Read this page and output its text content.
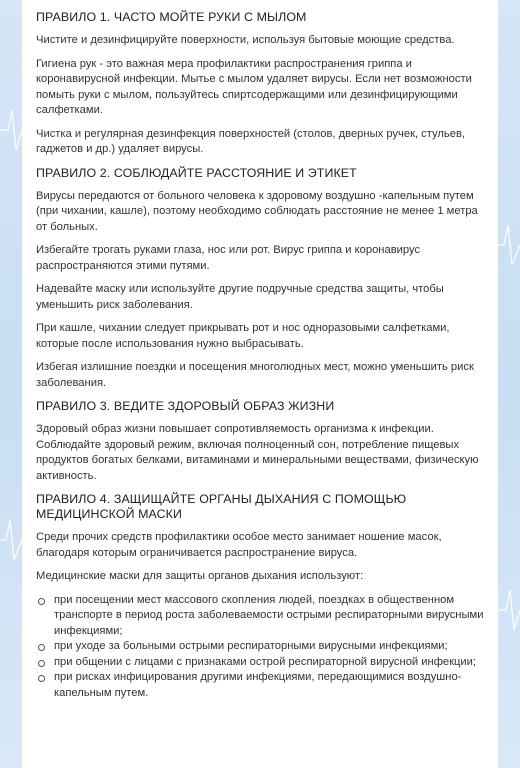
ПРАВИЛО 1. ЧАСТО МОЙТЕ РУКИ С МЫЛОМ

Чистите и дезинфицируйте поверхности, используя бытовые моющие средства.

Гигиена рук - это важная мера профилактики распространения гриппа и коронавирусной инфекции. Мытье с мылом удаляет вирусы. Если нет возможности помыть руки с мылом, пользуйтесь спиртсодержащими или дезинфицирующими салфетками.

Чистка и регулярная дезинфекция поверхностей (столов, дверных ручек, стульев, гаджетов и др.) удаляет вирусы.

ПРАВИЛО 2. СОБЛЮДАЙТЕ РАССТОЯНИЕ И ЭТИКЕТ

Вирусы передаются от больного человека к здоровому воздушно -капельным путем (при чихании, кашле), поэтому необходимо соблюдать расстояние не менее 1 метра от больных.

Избегайте трогать руками глаза, нос или рот. Вирус гриппа и коронавирус распространяются этими путями.

Надевайте маску или используйте другие подручные средства защиты, чтобы уменьшить риск заболевания.

При кашле, чихании следует прикрывать рот и нос одноразовыми салфетками, которые после использования нужно выбрасывать.

Избегая излишние поездки и посещения многолюдных мест, можно уменьшить риск заболевания.

ПРАВИЛО 3. ВЕДИТЕ ЗДОРОВЫЙ ОБРАЗ ЖИЗНИ

Здоровый образ жизни повышает сопротивляемость организма к инфекции. Соблюдайте здоровый режим, включая полноценный сон, потребление пищевых продуктов богатых белками, витаминами и минеральными веществами, физическую активность.

ПРАВИЛО 4. ЗАЩИЩАЙТЕ ОРГАНЫ ДЫХАНИЯ С ПОМОЩЬЮ МЕДИЦИНСКОЙ МАСКИ

Среди прочих средств профилактики особое место занимает ношение масок, благодаря которым ограничивается распространение вируса.

Медицинские маски для защиты органов дыхания используют:

при посещении мест массового скопления людей, поездках в общественном транспорте в период роста заболеваемости острыми респираторными вирусными инфекциями;
при уходе за больными острыми респираторными вирусными инфекциями;
при общении с лицами с признаками острой респираторной вирусной инфекции;
при рисках инфицирования другими инфекциями, передающимися воздушно-капельным путем.
